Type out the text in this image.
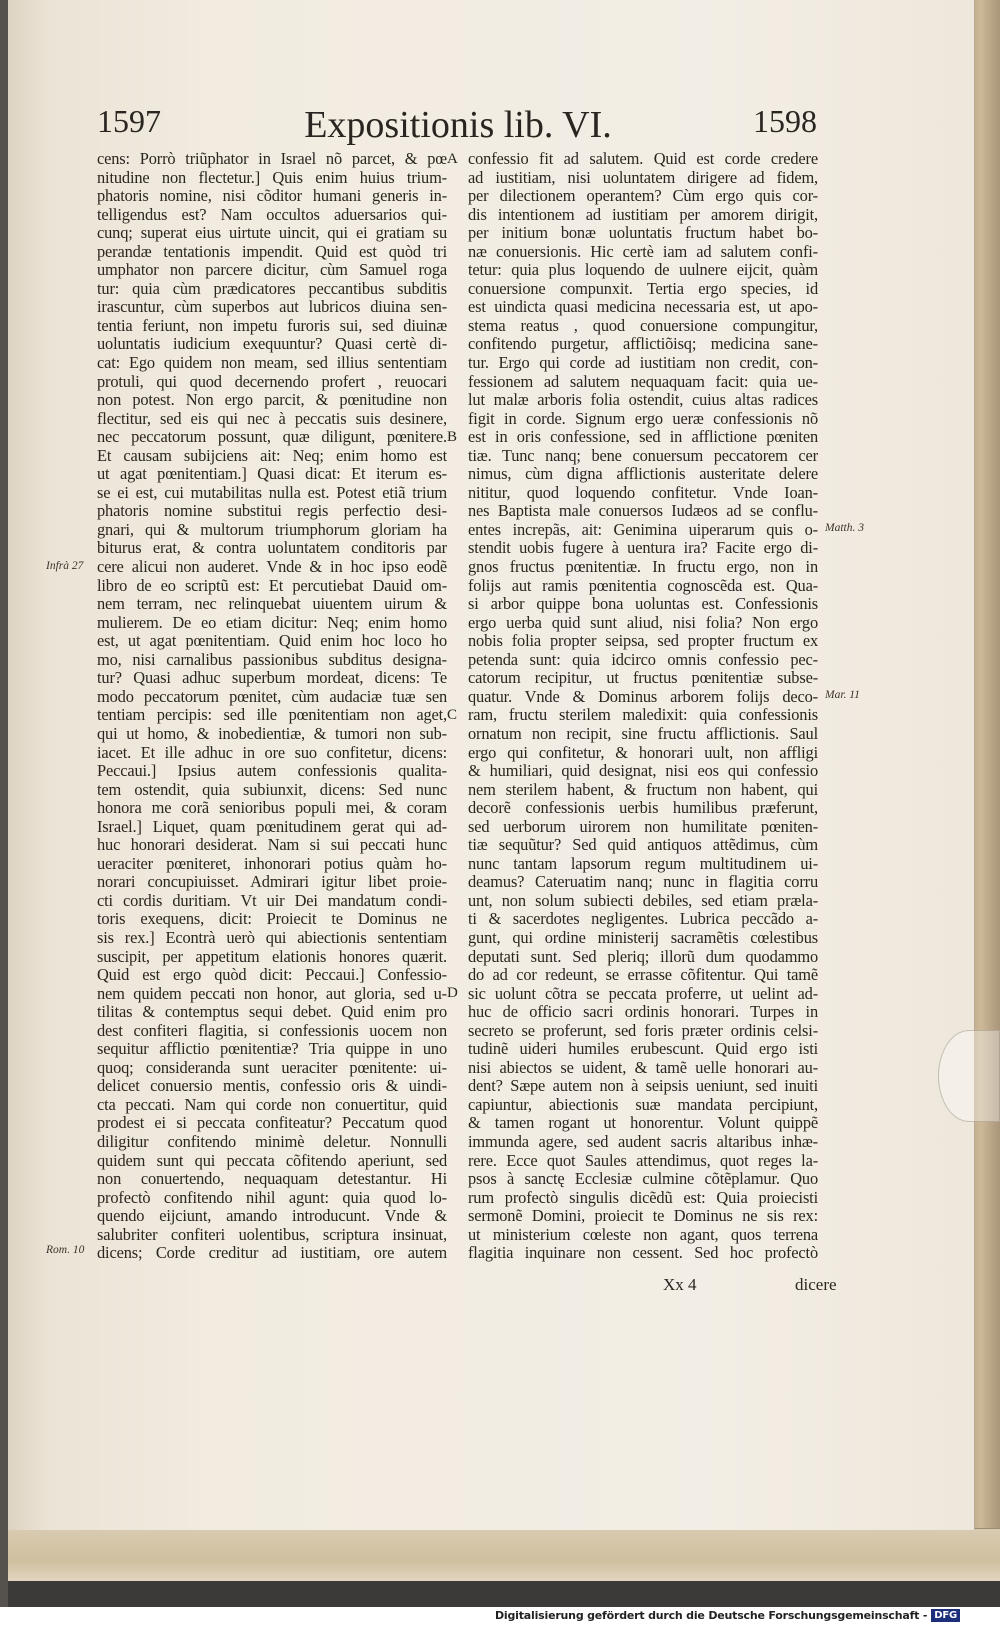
1597	Expositionis lib. VI.	1598
cens: Porrò triũphator in Israel nõ parcet, & pœ
nitudine non flectetur.] Quis enim huius trium-
phatoris nomine, nisi cõditor humani generis in-
telligendus est? Nam occultos aduersarios qui-
cunq; superat eius uirtute uincit, qui ei gratiam su
perandæ tentationis impendit. Quid est quòd tri
umphator non parcere dicitur, cùm Samuel roga
tur: quia cùm prædicatores peccantibus subditis
irascuntur, cùm superbos aut lubricos diuina sen-
tentia feriunt, non impetu furoris sui, sed diuinæ
uoluntatis iudicium exequuntur? Quasi certè di-
cat: Ego quidem non meam, sed illius sententiam
protuli, qui quod decernendo profert , reuocari
non potest. Non ergo parcit, & pœnitudine non
flectitur, sed eis qui nec à peccatis suis desinere,
nec peccatorum possunt, quæ diligunt, pœnitere.
Et causam subijciens ait: Neq; enim homo est
ut agat pœnitentiam.] Quasi dicat: Et iterum es-
se ei est, cui mutabilitas nulla est. Potest etiã trium
phatoris nomine substitui regis perfectio desi-
gnari, qui & multorum triumphorum gloriam ha
biturus erat, & contra uoluntatem conditoris par
cere alicui non auderet. Vnde & in hoc ipso eodẽ
libro de eo scriptũ est: Et percutiebat Dauid om-
nem terram, nec relinquebat uiuentem uirum &
mulierem. De eo etiam dicitur: Neq; enim homo
est, ut agat pœnitentiam. Quid enim hoc loco ho
mo, nisi carnalibus passionibus subditus designa-
tur? Quasi adhuc superbum mordeat, dicens: Te
modo peccatorum pœnitet, cùm audaciæ tuæ sen
tentiam percipis: sed ille pœnitentiam non aget,
qui ut homo, & inobedientiæ, & tumori non sub-
iacet. Et ille adhuc in ore suo confitetur, dicens:
Peccaui.] Ipsius autem confessionis qualita-
tem ostendit, quia subiunxit, dicens: Sed nunc
honora me corã senioribus populi mei, & coram
Israel.] Liquet, quam pœnitudinem gerat qui ad-
huc honorari desiderat. Nam si sui peccati hunc
ueraciter pœniteret, inhonorari potius quàm ho-
norari concupiuisset. Admirari igitur libet proie-
cti cordis duritiam. Vt uir Dei mandatum condi-
toris exequens, dicit: Proiecit te Dominus ne
sis rex.] Econtrà uerò qui abiectionis sententiam
suscipit, per appetitum elationis honores quærit.
Quid est ergo quòd dicit: Peccaui.] Confessio-
nem quidem peccati non honor, aut gloria, sed u-
tilitas & contemptus sequi debet. Quid enim pro
dest confiteri flagitia, si confessionis uocem non
sequitur afflictio pœnitentiæ? Tria quippe in uno
quoq; consideranda sunt ueraciter pœnitente: ui-
delicet conuersio mentis, confessio oris & uindi-
cta peccati. Nam qui corde non conuertitur, quid
prodest ei si peccata confiteatur? Peccatum quod
diligitur confitendo minimè deletur. Nonnulli
quidem sunt qui peccata cõfitendo aperiunt, sed
non conuertendo, nequaquam detestantur. Hi
profectò confitendo nihil agunt: quia quod lo-
quendo eijciunt, amando introducunt. Vnde &
salubriter confiteri uolentibus, scriptura insinuat,
dicens; Corde creditur ad iustitiam, ore autem
confessio fit ad salutem. Quid est corde credere
ad iustitiam, nisi uoluntatem dirigere ad fidem,
per dilectionem operantem? Cùm ergo quis cor-
dis intentionem ad iustitiam per amorem dirigit,
per initium bonæ uoluntatis fructum habet bo-
næ conuersionis. Hic certè iam ad salutem confi-
tetur: quia plus loquendo de uulnere eijcit, quàm
conuersione compunxit. Tertia ergo species, id
est uindicta quasi medicina necessaria est, ut apo-
stema reatus , quod conuersione compungitur,
confitendo purgetur, afflictiõisq; medicina sane-
tur. Ergo qui corde ad iustitiam non credit, con-
fessionem ad salutem nequaquam facit: quia ue-
lut malæ arboris folia ostendit, cuius altas radices
figit in corde. Signum ergo ueræ confessionis nõ
est in oris confessione, sed in afflictione pœniten
tiæ. Tunc nanq; bene conuersum peccatorem cer
nimus, cùm digna afflictionis austeritate delere
nititur, quod loquendo confitetur. Vnde Ioan-
nes Baptista male conuersos Iudæos ad se conflu-
entes increpãs, ait: Genimina uiperarum quis o-
stendit uobis fugere à uentura ira? Facite ergo di-
gnos fructus pœnitentiæ. In fructu ergo, non in
folijs aut ramis pœnitentia cognoscẽda est. Qua-
si arbor quippe bona uoluntas est. Confessionis
ergo uerba quid sunt aliud, nisi folia? Non ergo
nobis folia propter seipsa, sed propter fructum ex
petenda sunt: quia idcirco omnis confessio pec-
catorum recipitur, ut fructus pœnitentiæ subse-
quatur. Vnde & Dominus arborem folijs deco-
ram, fructu sterilem maledixit: quia confessionis
ornatum non recipit, sine fructu afflictionis. Saul
ergo qui confitetur, & honorari uult, non affligi
& humiliari, quid designat, nisi eos qui confessio
nem sterilem habent, & fructum non habent, qui
decorẽ confessionis uerbis humilibus præferunt,
sed uerborum uirorem non humilitate pœniten-
tiæ sequũtur? Sed quid antiquos attẽdimus, cùm
nunc tantam lapsorum regum multitudinem ui-
deamus? Cateruatim nanq; nunc in flagitia corru
unt, non solum subiecti debiles, sed etiam præla-
ti & sacerdotes negligentes. Lubrica peccãdo a-
gunt, qui ordine ministerij sacramẽtis cœlestibus
deputati sunt. Sed pleriq; illorũ dum quodammo
do ad cor redeunt, se errasse cõfitentur. Qui tamẽ
sic uolunt cõtra se peccata proferre, ut uelint ad-
huc de officio sacri ordinis honorari. Turpes in
secreto se proferunt, sed foris præter ordinis celsi-
tudinẽ uideri humiles erubescunt. Quid ergo isti
nisi abiectos se uident, & tamẽ uelle honorari au-
dent? Sæpe autem non à seipsis ueniunt, sed inuiti
capiuntur, abiectionis suæ mandata percipiunt,
& tamen rogant ut honorentur. Volunt quippẽ
immunda agere, sed audent sacris altaribus inhæ-
rere. Ecce quot Saules attendimus, quot reges la-
psos à sanctę Ecclesiæ culmine cõtẽplamur. Quo
rum profectò singulis dicẽdũ est: Quia proiecisti
sermonẽ Domini, proiecit te Dominus ne sis rex:
ut ministerium cœleste non agant, quos terrena
flagitia inquinare non cessent. Sed hoc profectò
A
B
C
D
Infrà 27
Matth. 3
Mar. 11
Rom. 10
Xx 4	dicere
Digitalisierung gefördert durch die Deutsche Forschungsgemeinschaft - DFG
